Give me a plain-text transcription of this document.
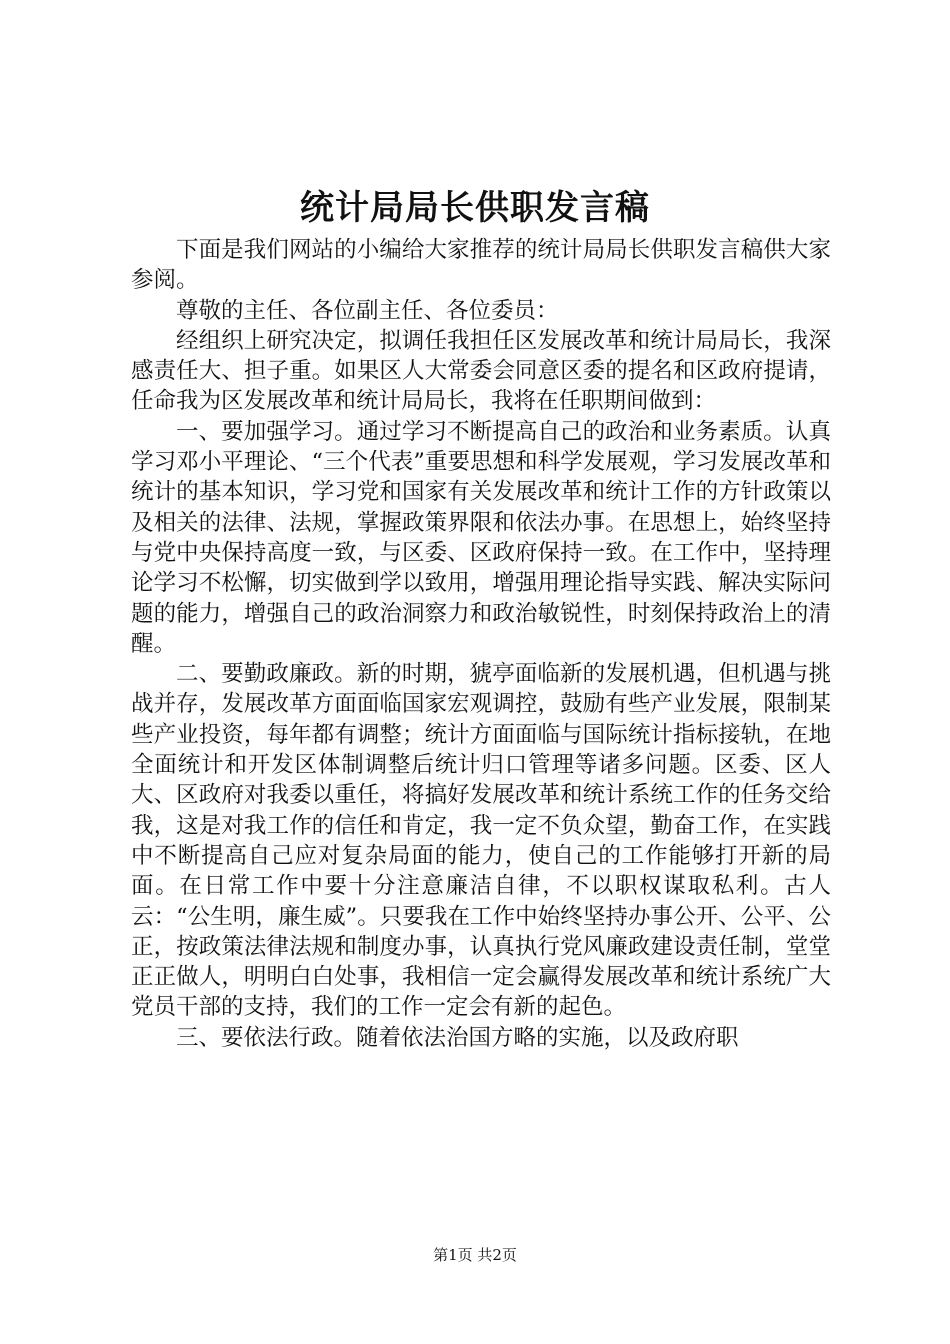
统计局局长供职发言稿

下面是我们网站的小编给大家推荐的统计局局长供职发言稿供大家参阅。

尊敬的主任、各位副主任、各位委员：

经组织上研究决定，拟调任我担任区发展改革和统计局局长，我深感责任大、担子重。如果区人大常委会同意区委的提名和区政府提请，任命我为区发展改革和统计局局长，我将在任职期间做到：

一、要加强学习。通过学习不断提高自己的政治和业务素质。认真学习邓小平理论、“三个代表”重要思想和科学发展观，学习发展改革和统计的基本知识，学习党和国家有关发展改革和统计工作的方针政策以及相关的法律、法规，掌握政策界限和依法办事。在思想上，始终坚持与党中央保持高度一致，与区委、区政府保持一致。在工作中，坚持理论学习不松懈，切实做到学以致用，增强用理论指导实践、解决实际问题的能力，增强自己的政治洞察力和政治敏锐性，时刻保持政治上的清醒。

二、要勤政廉政。新的时期，猇亭面临新的发展机遇，但机遇与挑战并存，发展改革方面面临国家宏观调控，鼓励有些产业发展，限制某些产业投资，每年都有调整；统计方面面临与国际统计指标接轨，在地全面统计和开发区体制调整后统计归口管理等诸多问题。区委、区人大、区政府对我委以重任，将搞好发展改革和统计系统工作的任务交给我，这是对我工作的信任和肯定，我一定不负众望，勤奋工作，在实践中不断提高自己应对复杂局面的能力，使自己的工作能够打开新的局面。在日常工作中要十分注意廉洁自律，不以职权谋取私利。古人云：“公生明，廉生威”。只要我在工作中始终坚持办事公开、公平、公正，按政策法律法规和制度办事，认真执行党风廉政建设责任制，堂堂正正做人，明明白白处事，我相信一定会赢得发展改革和统计系统广大党员干部的支持，我们的工作一定会有新的起色。

三、要依法行政。随着依法治国方略的实施，以及政府职

第1页 共2页
